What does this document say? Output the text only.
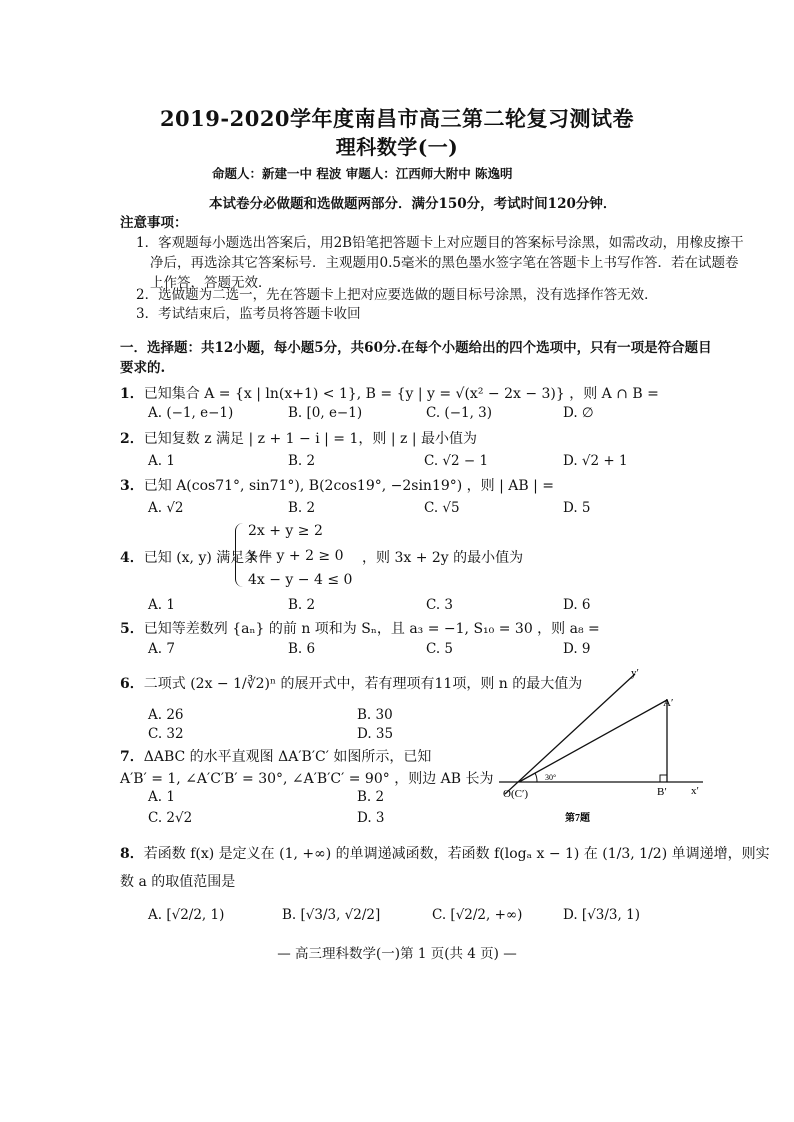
2019-2020学年度南昌市高三第二轮复习测试卷
理科数学(一)
命题人：新建一中 程波 审题人：江西师大附中 陈逸明
本试卷分必做题和选做题两部分．满分150分，考试时间120分钟．
注意事项：
1．客观题每小题选出答案后，用2B铅笔把答题卡上对应题目的答案标号涂黑，如需改动，用橡皮擦干净后，再选涂其它答案标号．主观题用0.5毫米的黑色墨水签字笔在答题卡上书写作答．若在试题卷上作答，答题无效．
2．选做题为二选一，先在答题卡上把对应要选做的题目标号涂黑，没有选择作答无效．
3．考试结束后，监考员将答题卡收回
一．选择题：共12小题，每小题5分，共60分.在每个小题给出的四个选项中，只有一项是符合题目要求的.
1．已知集合 A = {x | ln(x+1) < 1}, B = {y | y = √(x² − 2x − 3)} ，则 A ∩ B =
A. (−1, e−1)	B. [0, e−1)	C. (−1, 3)	D. ∅
2．已知复数 z 满足 | z + 1 − i | = 1，则 | z | 最小值为
A. 1	B. 2	C. √2 − 1	D. √2 + 1
3．已知 A(cos71°, sin71°), B(2cos19°, −2sin19°) ，则 | AB | =
A. √2	B. 2	C. √5	D. 5
4．已知 (x, y) 满足条件
2x + y ≥ 2
x − y + 2 ≥ 0
4x − y − 4 ≤ 0
，则 3x + 2y 的最小值为
A. 1	B. 2	C. 3	D. 6
5．已知等差数列 {aₙ} 的前 n 项和为 Sₙ，且 a₃ = −1, S₁₀ = 30 ，则 a₈ =
A. 7	B. 6	C. 5	D. 9
6．二项式 (2x − 1/∛2)ⁿ 的展开式中，若有理项有11项，则 n 的最大值为
A. 26	B. 30
C. 32	D. 35
7．ΔABC 的水平直观图 ΔA′B′C′ 如图所示，已知
A′B′ = 1, ∠A′C′B′ = 30°, ∠A′B′C′ = 90° ，则边 AB 长为
A. 1	B. 2
C. 2√2	D. 3
y′
x′
A′
B′
O(C′)
30°
第7题
8．若函数 f(x) 是定义在 (1, +∞) 的单调递减函数，若函数 f(logₐ x − 1) 在 (1/3, 1/2) 单调递增，则实
数 a 的取值范围是
A. [√2/2, 1)	B. [√3/3, √2/2]	C. [√2/2, +∞)	D. [√3/3, 1)
— 高三理科数学(一)第 1 页(共 4 页) —
